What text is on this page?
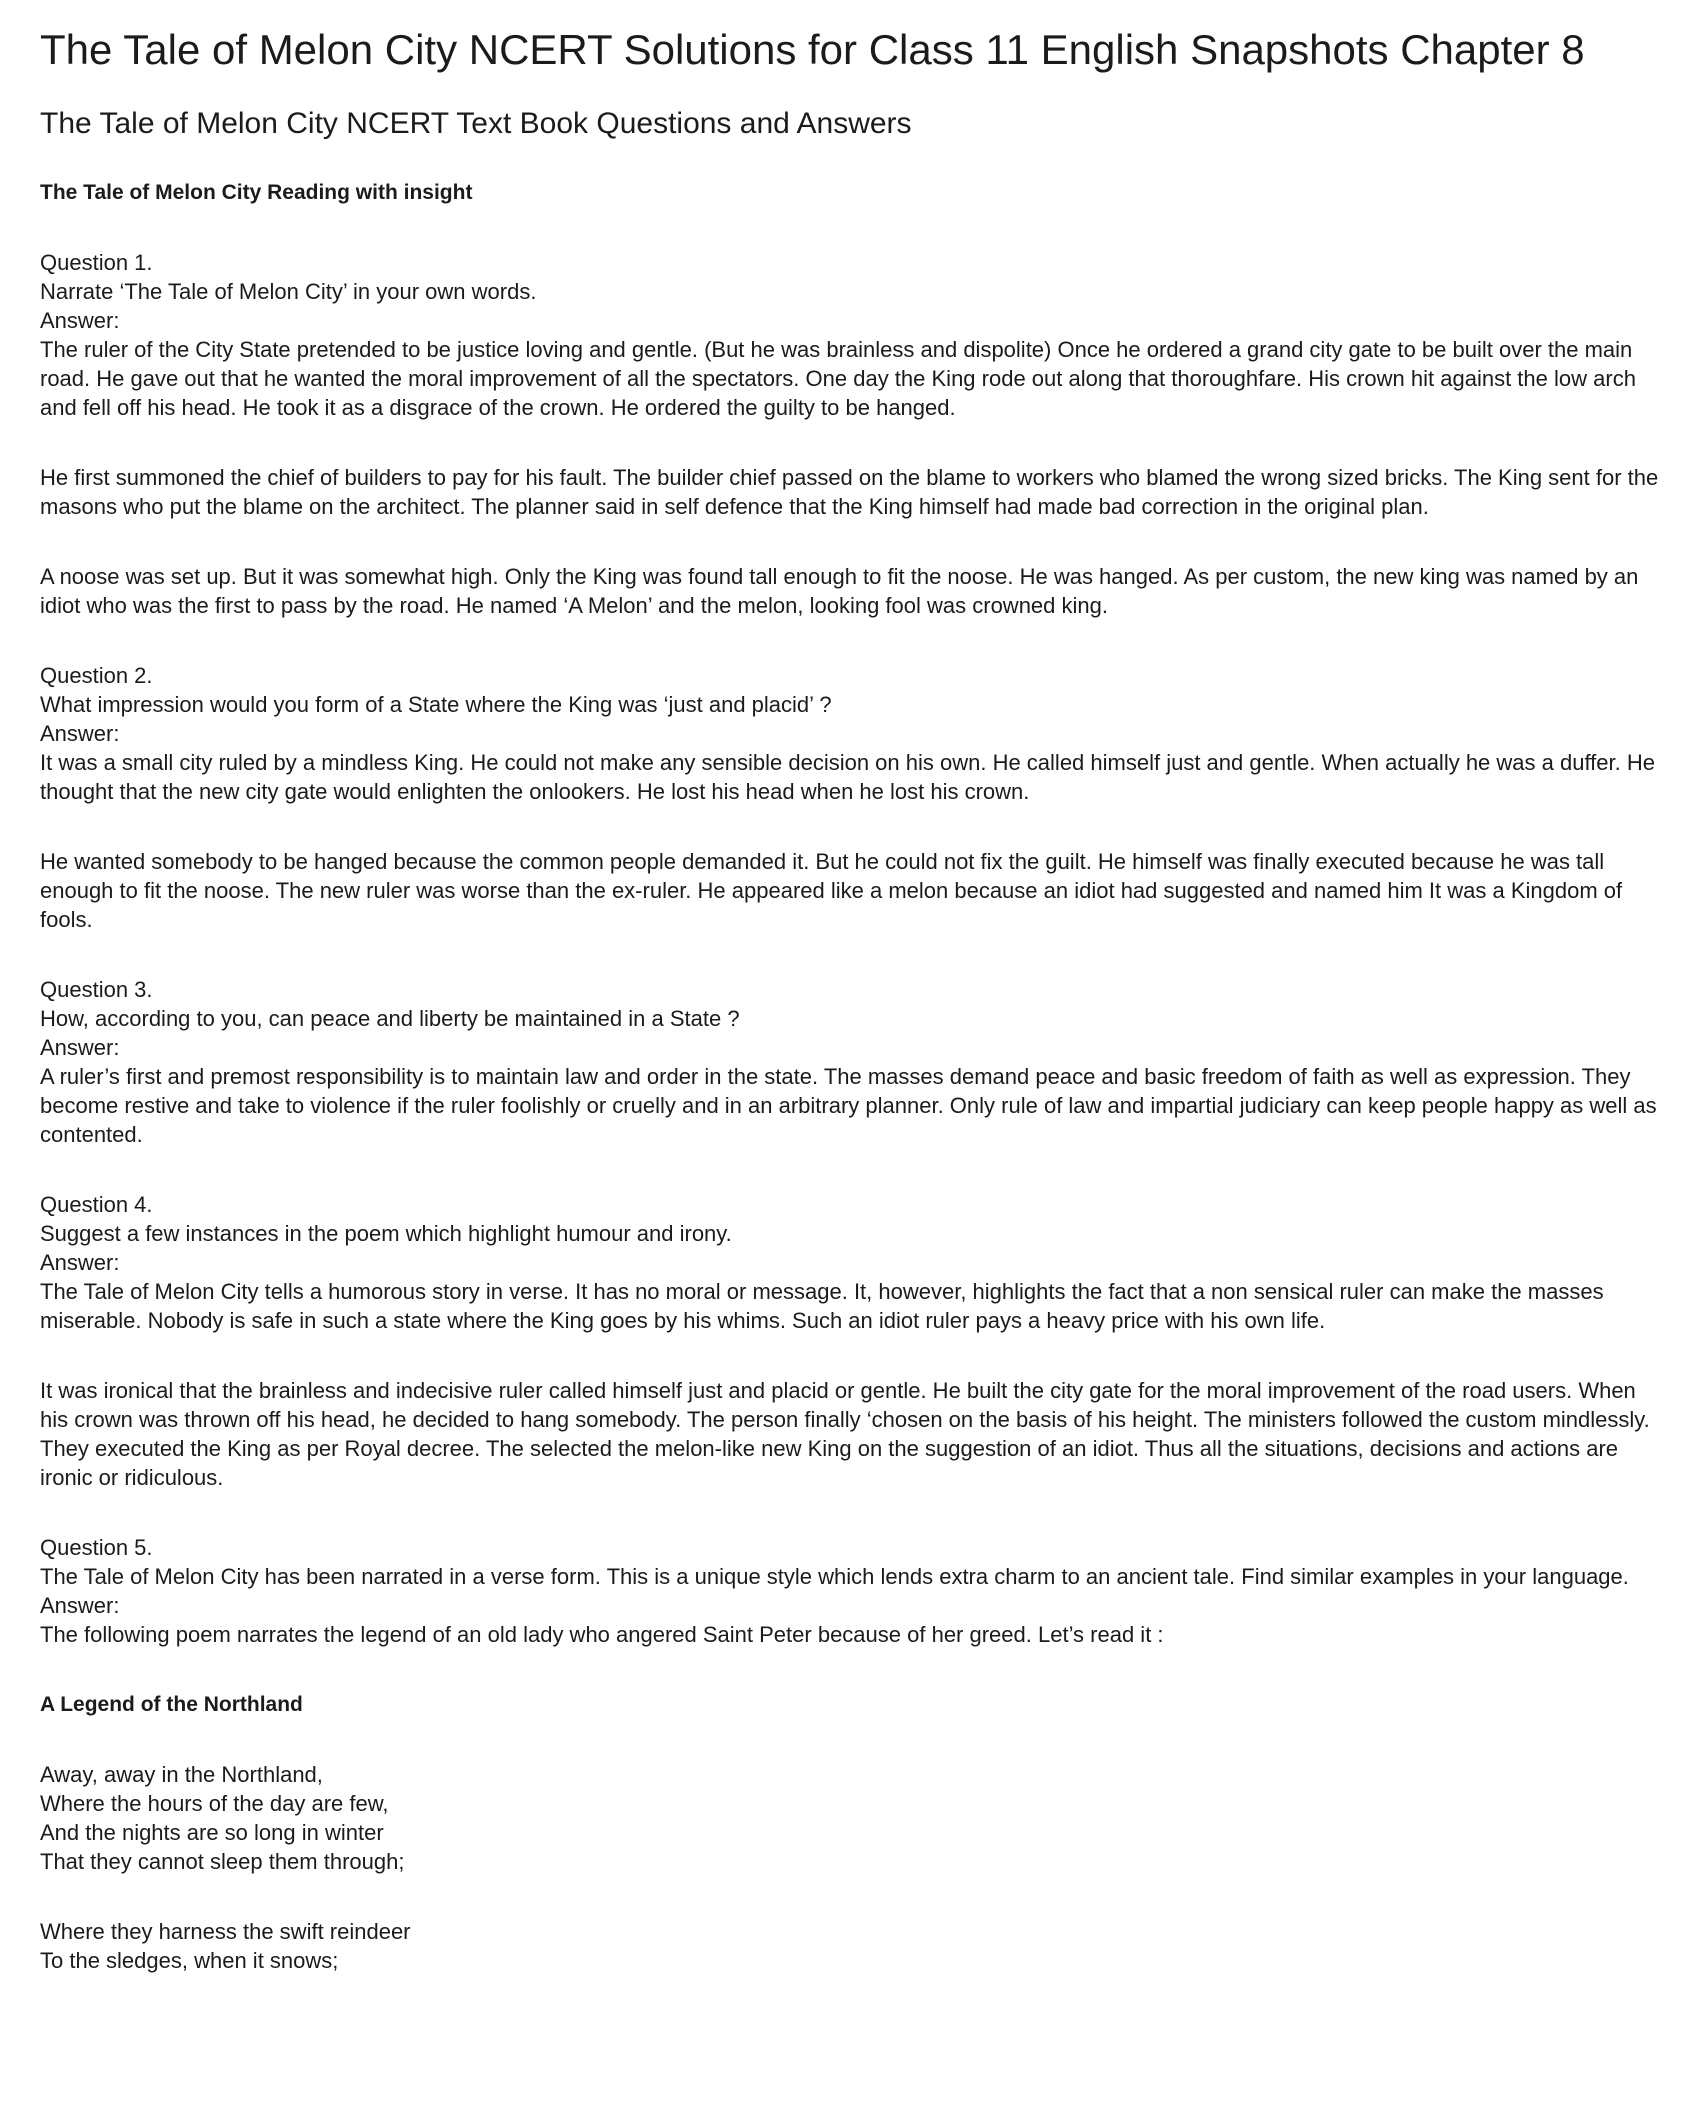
The Tale of Melon City NCERT Solutions for Class 11 English Snapshots Chapter 8
The Tale of Melon City NCERT Text Book Questions and Answers

The Tale of Melon City Reading with insight

Question 1.
Narrate ‘The Tale of Melon City’ in your own words.
Answer:

The ruler of the City State pretended to be justice loving and gentle. (But he was brainless and dispolite) Once he ordered a grand city gate to be built over the main road. He gave out that he wanted the moral improvement of all the spectators. One day the King rode out along that thoroughfare. His crown hit against the low arch and fell off his head. He took it as a disgrace of the crown. He ordered the guilty to be hanged.

He first summoned the chief of builders to pay for his fault. The builder chief passed on the blame to workers who blamed the wrong sized bricks. The King sent for the masons who put the blame on the architect. The planner said in self defence that the King himself had made bad correction in the original plan.

A noose was set up. But it was somewhat high. Only the King was found tall enough to fit the noose. He was hanged. As per custom, the new king was named by an idiot who was the first to pass by the road. He named ‘A Melon’ and the melon, looking fool was crowned king.

Question 2.
What impression would you form of a State where the King was ‘just and placid’ ?
Answer:

It was a small city ruled by a mindless King. He could not make any sensible decision on his own. He called himself just and gentle. When actually he was a duffer. He thought that the new city gate would enlighten the onlookers. He lost his head when he lost his crown.

He wanted somebody to be hanged because the common people demanded it. But he could not fix the guilt. He himself was finally executed because he was tall enough to fit the noose. The new ruler was worse than the ex-ruler. He appeared like a melon because an idiot had suggested and named him It was a Kingdom of fools.

Question 3.
How, according to you, can peace and liberty be maintained in a State ?
Answer:

A ruler’s first and premost responsibility is to maintain law and order in the state. The masses demand peace and basic freedom of faith as well as expression. They become restive and take to violence if the ruler foolishly or cruelly and in an arbitrary planner. Only rule of law and impartial judiciary can keep people happy as well as contented.

Question 4.
Suggest a few instances in the poem which highlight humour and irony.
Answer:

The Tale of Melon City tells a humorous story in verse. It has no moral or message. It, however, highlights the fact that a non sensical ruler can make the masses miserable. Nobody is safe in such a state where the King goes by his whims. Such an idiot ruler pays a heavy price with his own life.

It was ironical that the brainless and indecisive ruler called himself just and placid or gentle. He built the city gate for the moral improvement of the road users. When his crown was thrown off his head, he decided to hang somebody. The person finally ‘chosen on the basis of his height. The ministers followed the custom mindlessly. They executed the King as per Royal decree. The selected the melon-like new King on the suggestion of an idiot. Thus all the situations, decisions and actions are ironic or ridiculous.

Question 5.
The Tale of Melon City has been narrated in a verse form. This is a unique style which lends extra charm to an ancient tale. Find similar examples in your language.
Answer:

The following poem narrates the legend of an old lady who angered Saint Peter because of her greed. Let’s read it :

A Legend of the Northland

Away, away in the Northland,
Where the hours of the day are few,
And the nights are so long in winter
That they cannot sleep them through;
Where they harness the swift reindeer
To the sledges, when it snows;
